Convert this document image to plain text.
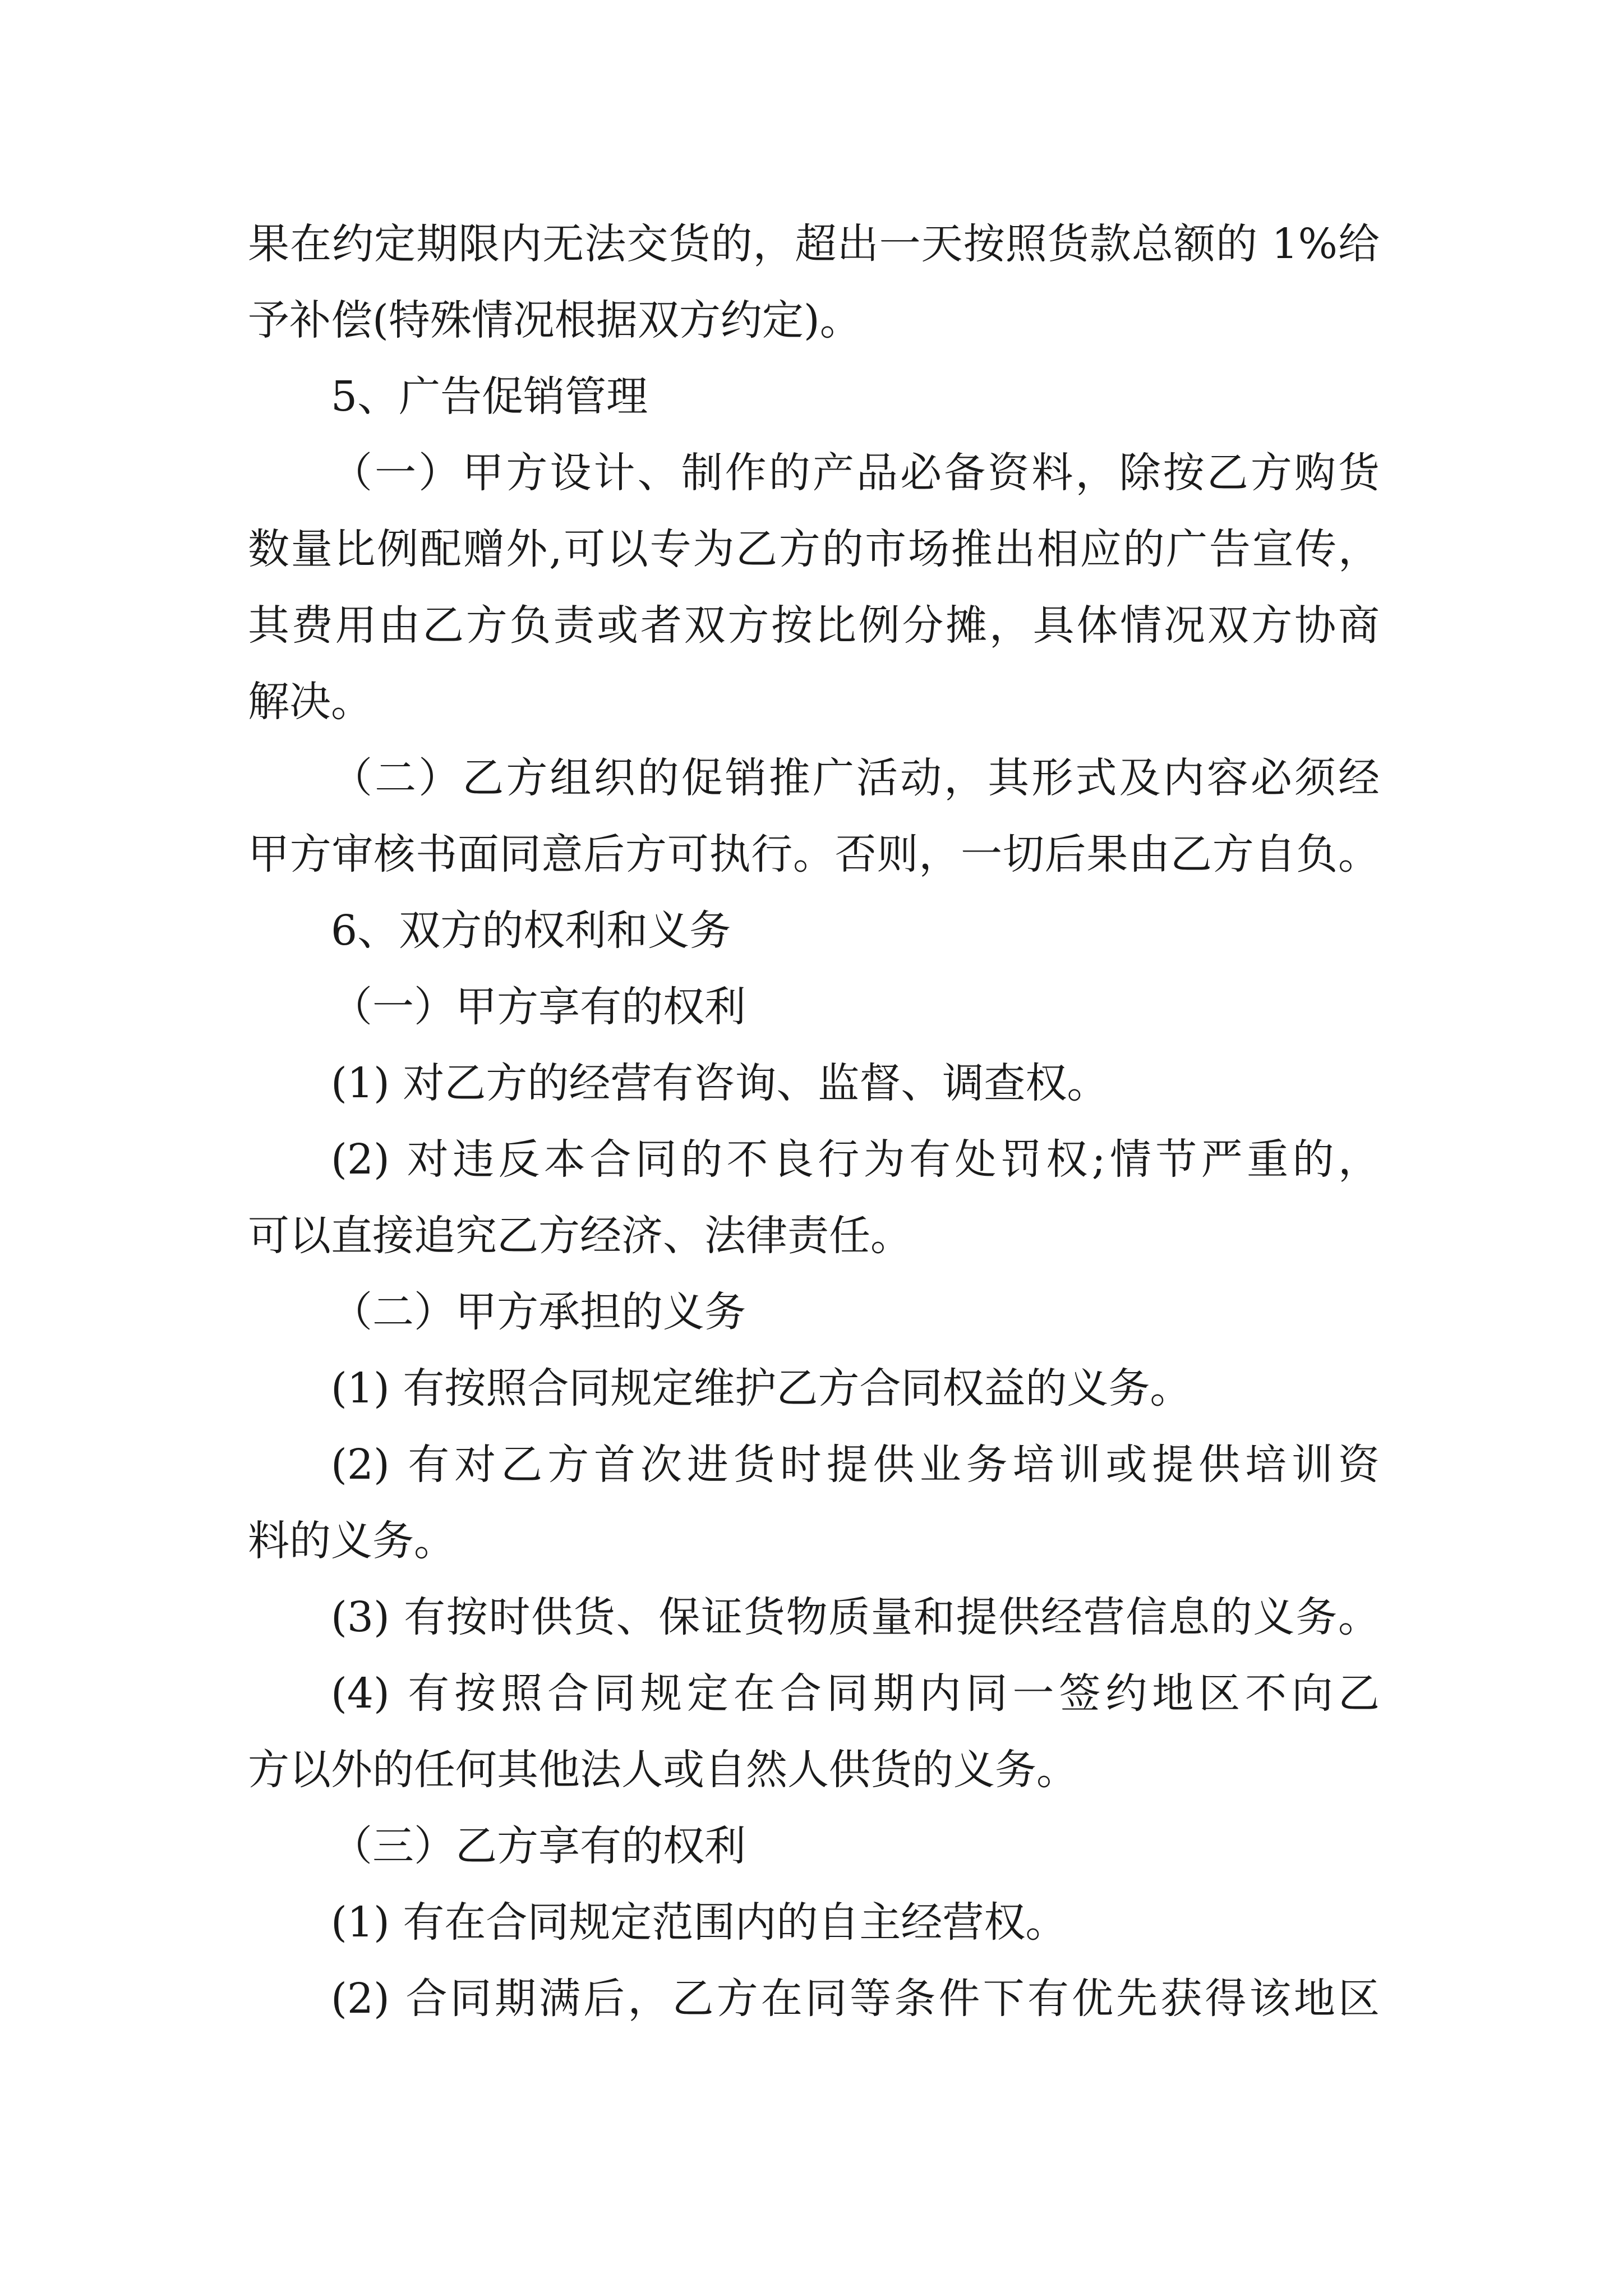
果在约定期限内无法交货的，超出一天按照货款总额的 1%给
予补偿(特殊情况根据双方约定)。
5、广告促销管理
（一）甲方设计、制作的产品必备资料，除按乙方购货
数量比例配赠外,可以专为乙方的市场推出相应的广告宣传，
其费用由乙方负责或者双方按比例分摊，具体情况双方协商
解决。
（二）乙方组织的促销推广活动，其形式及内容必须经
甲方审核书面同意后方可执行。否则，一切后果由乙方自负。
6、双方的权利和义务
（一）甲方享有的权利
(1) 对乙方的经营有咨询、监督、调查权。
(2) 对违反本合同的不良行为有处罚权;情节严重的，
可以直接追究乙方经济、法律责任。
（二）甲方承担的义务
(1) 有按照合同规定维护乙方合同权益的义务。
(2) 有对乙方首次进货时提供业务培训或提供培训资
料的义务。
(3) 有按时供货、保证货物质量和提供经营信息的义务。
(4) 有按照合同规定在合同期内同一签约地区不向乙
方以外的任何其他法人或自然人供货的义务。
（三）乙方享有的权利
(1) 有在合同规定范围内的自主经营权。
(2) 合同期满后，乙方在同等条件下有优先获得该地区
